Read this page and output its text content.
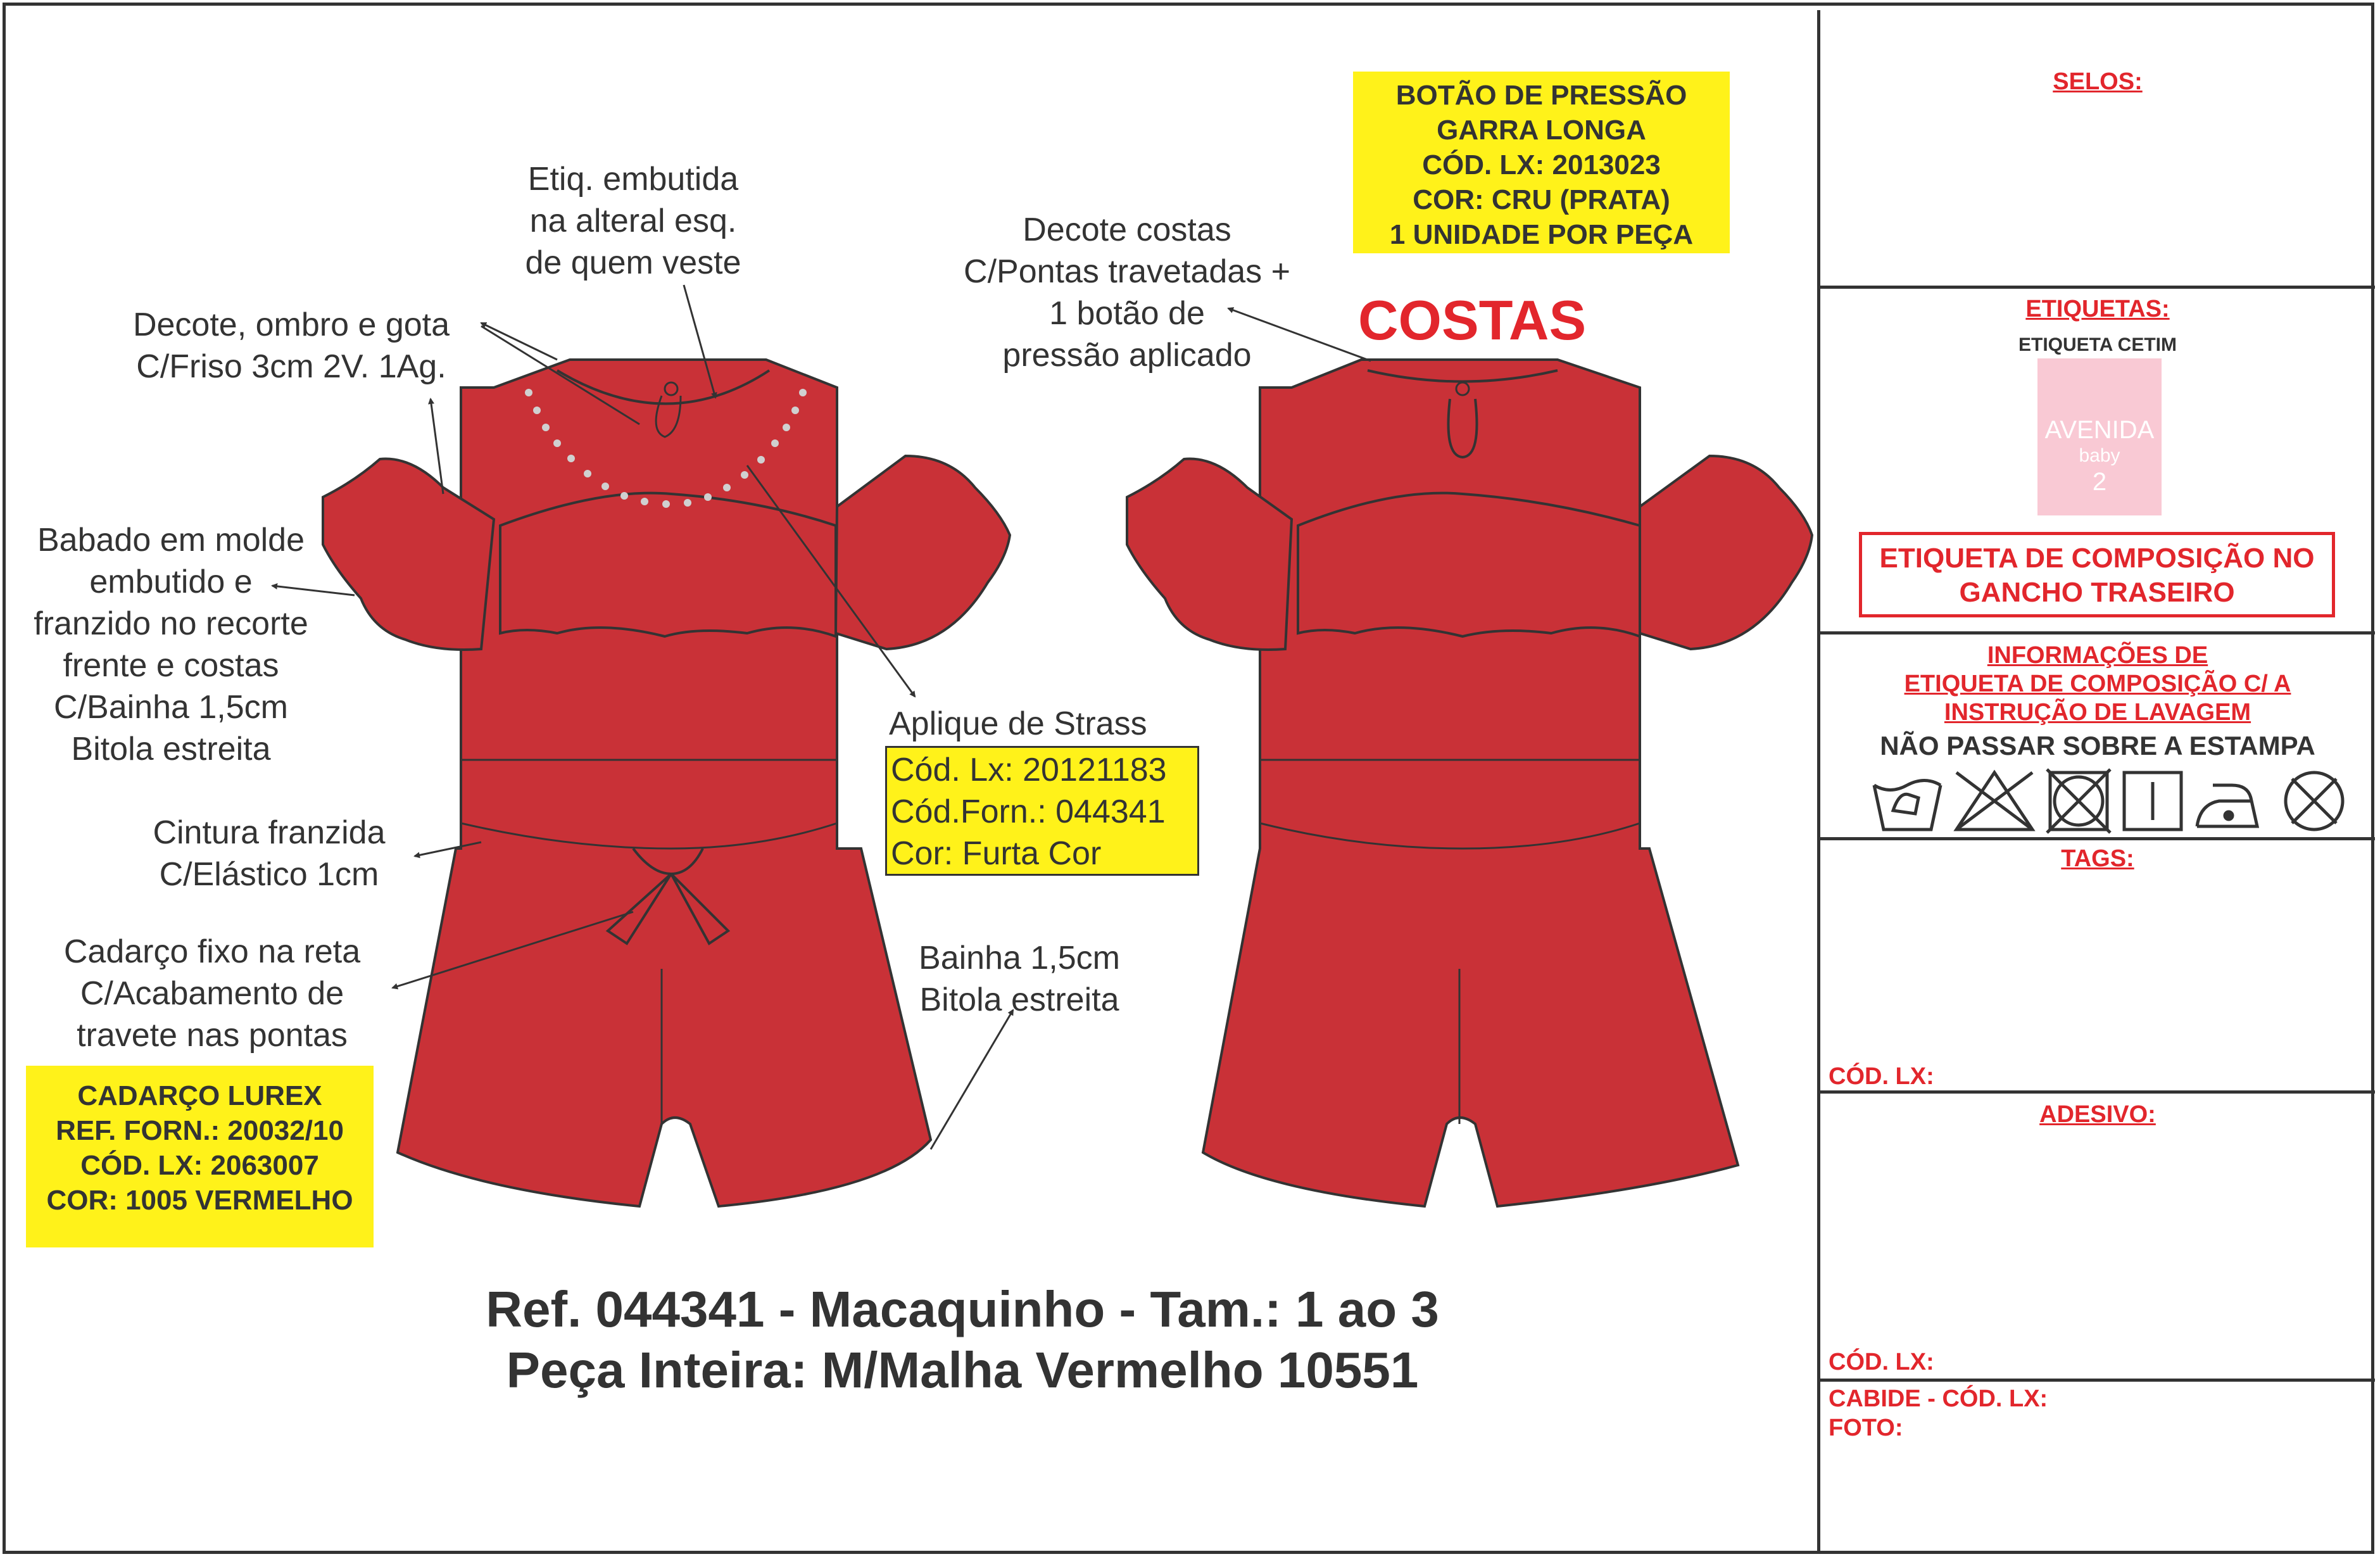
Etiq. embutida
na alteral esq.
de quem veste
Decote, ombro e gota
C/Friso 3cm 2V. 1Ag.
Babado em molde
embutido e
franzido no recorte
frente e costas
C/Bainha 1,5cm
Bitola estreita
Cintura franzida
C/Elástico 1cm
Cadarço fixo na reta
C/Acabamento de
travete nas pontas
Decote costas
C/Pontas travetadas +
1 botão de
pressão aplicado
Bainha 1,5cm
Bitola estreita
BOTÃO DE PRESSÃO
GARRA LONGA
CÓD. LX: 2013023
COR: CRU (PRATA)
1 UNIDADE POR PEÇA
CADARÇO LUREX
REF. FORN.: 20032/10
CÓD. LX: 2063007
COR: 1005 VERMELHO
Aplique de Strass
Cód. Lx: 20121183
Cód.Forn.: 044341
Cor: Furta Cor
COSTAS
Ref. 044341 - Macaquinho - Tam.: 1 ao 3
Peça Inteira: M/Malha Vermelho 10551
SELOS:
ETIQUETAS:
ETIQUETA CETIM
AVENIDA
baby
2
ETIQUETA DE COMPOSIÇÃO NO
GANCHO TRASEIRO
INFORMAÇÕES DE
ETIQUETA DE COMPOSIÇÃO C/ A
INSTRUÇÃO DE LAVAGEM
NÃO PASSAR SOBRE A ESTAMPA
TAGS:
CÓD. LX:
ADESIVO:
CÓD. LX:
CABIDE - CÓD. LX:
FOTO:
